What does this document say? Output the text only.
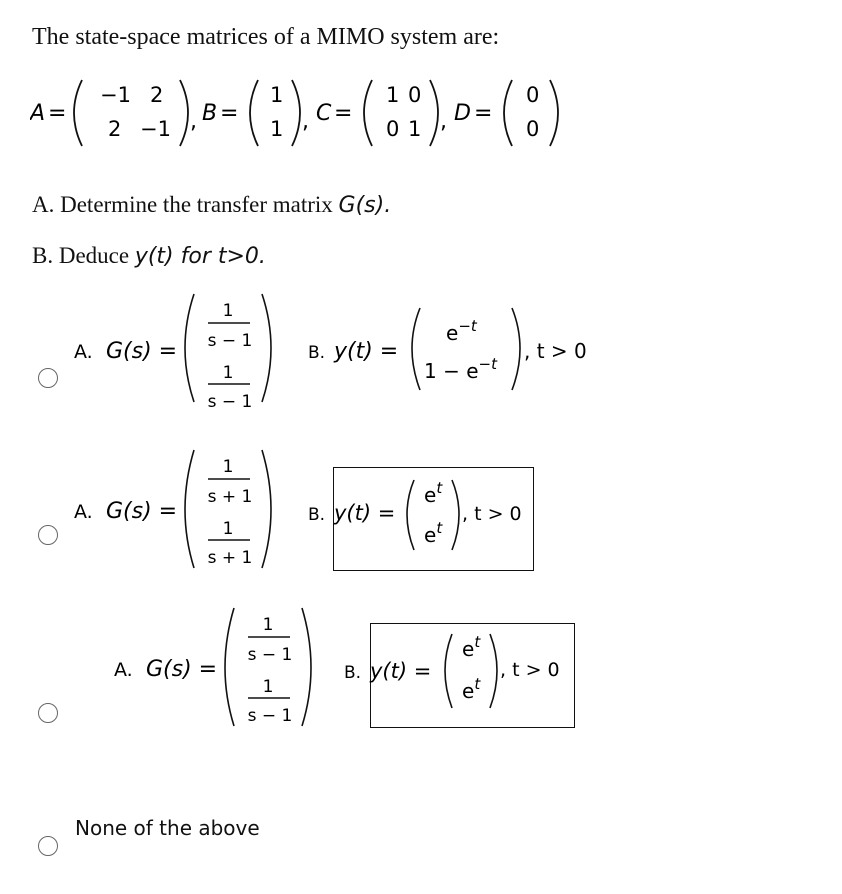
The state-space matrices of a MIMO system are:
A =
−1 2
2 −1 , B =
1
1 , C =
1 0
0 1 , D =
0
0
A. Determine the transfer matrix G(s).
B. Deduce y(t) for t>0.
A. G(s) =
1
s − 1
1
s − 1
B. y(t) =
$e^{-t}$
$1 - e^{-t}$
, t > 0
A. G(s) =
1
s + 1
1
s + 1
B. y(t) =
$e^t$
$e^t$
, t > 0
A. G(s) =
1
s − 1
1
s − 1
B. y(t) =
$e^t$
$e^t$
, t > 0
None of the above
